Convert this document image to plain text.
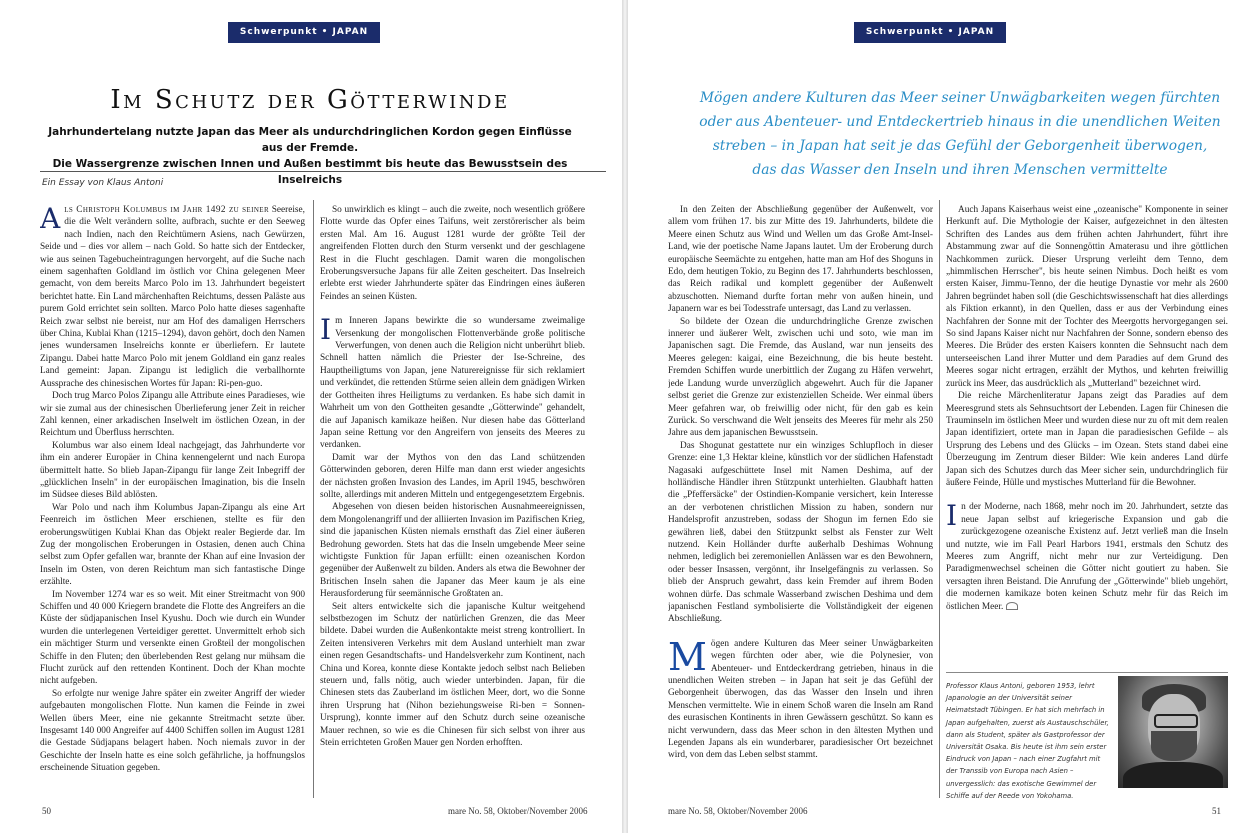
Schwerpunkt • JAPAN	Schwerpunkt • JAPAN
Im Schutz der Götterwinde
Jahrhundertelang nutzte Japan das Meer als undurchdringlichen Kordon gegen Einflüsse aus der Fremde.
Die Wassergrenze zwischen Innen und Außen bestimmt bis heute das Bewusstsein des Inselreichs
Ein Essay von Klaus Antoni
Mögen andere Kulturen das Meer seiner Unwägbarkeiten wegen fürchten
oder aus Abenteuer- und Entdeckertrieb hinaus in die unendlichen Weiten
streben – in Japan hat seit je das Gefühl der Geborgenheit überwogen,
das das Wasser den Inseln und ihren Menschen vermittelte

Als Christoph Kolumbus im Jahr 1492 zu seiner Seereise, die die Welt verändern sollte, aufbrach, suchte er den Seeweg nach Indien, nach den Reichtümern Asiens, nach Gewürzen, Seide und – dies vor allem – nach Gold. So hatte sich der Entdecker, wie aus seinen Tagebucheintragungen hervorgeht, auf die Suche nach einem sagenhaften Goldland im östlich vor China gelegenen Meer gemacht, von dem bereits Marco Polo im 13. Jahrhundert begeistert berichtet hatte. Ein Land märchenhaften Reichtums, dessen Paläste aus purem Gold errichtet sein sollten. Marco Polo hatte dieses sagenhafte Reich zwar selbst nie bereist, nur am Hof des damaligen Herrschers über China, Kublai Khan (1215–1294), davon gehört, doch den Namen jenes wundersamen Inselreichs konnte er überliefern. Er lautete Zipangu. Dabei hatte Marco Polo mit jenem Goldland ein ganz reales Land gemeint: Japan. Zipangu ist lediglich die verballhornte Aussprache des chinesischen Wortes für Japan: Ri-pen-guo.

Doch trug Marco Polos Zipangu alle Attribute eines Paradieses, wie wir sie zumal aus der chinesischen Überlieferung jener Zeit in reicher Zahl kennen, einer arkadischen Inselwelt im östlichen Ozean, in der Reichtum und Überfluss herrschten.

Kolumbus war also einem Ideal nachgejagt, das Jahrhunderte vor ihm ein anderer Europäer in China kennengelernt und nach Europa übermittelt hatte. So blieb Japan-Zipangu für lange Zeit Inbegriff der „glücklichen Inseln" in der europäischen Imagination, bis die Inseln im Südsee dieses Bild ablösten.

War Polo und nach ihm Kolumbus Japan-Zipangu als eine Art Feenreich im östlichen Meer erschienen, stellte es für den eroberungswütigen Kublai Khan das Objekt realer Begierde dar. Im Zug der mongolischen Eroberungen in Ostasien, denen auch China selbst zum Opfer gefallen war, brannte der Khan auf eine Invasion der Inseln im Osten, von deren Reichtum man sich fantastische Dinge erzählte.

Im November 1274 war es so weit. Mit einer Streitmacht von 900 Schiffen und 40 000 Kriegern brandete die Flotte des Angreifers an die Küste der südjapanischen Insel Kyushu. Doch wie durch ein Wunder wurden die unterlegenen Verteidiger gerettet. Unvermittelt erhob sich ein mächtiger Sturm und versenkte einen Großteil der mongolischen Schiffe in den Fluten; den überlebenden Rest gelang nur mühsam die Flucht zurück auf den rettenden Kontinent. Doch der Khan mochte nicht aufgeben.

So erfolgte nur wenige Jahre später ein zweiter Angriff der wieder aufgebauten mongolischen Flotte. Nun kamen die Feinde in zwei Wellen übers Meer, eine nie gekannte Streitmacht setzte über. Insgesamt 140 000 Angreifer auf 4400 Schiffen sollen im August 1281 die Gestade Südjapans belagert haben. Noch niemals zuvor in der Geschichte der Inseln hatte es eine solch gefährliche, ja hoffnungslos erscheinende Situation gegeben.

So unwirklich es klingt – auch die zweite, noch wesentlich größere Flotte wurde das Opfer eines Taifuns, weit zerstörerischer als beim ersten Mal. Am 16. August 1281 wurde der größte Teil der angreifenden Flotten durch den Sturm versenkt und der geschlagene Rest in die Flucht geschlagen. Damit waren die mongolischen Eroberungsversuche Japans für alle Zeiten gescheitert. Das Inselreich erlebte erst wieder Jahrhunderte später das Eindringen eines äußeren Feindes an seinen Küsten.

Im Inneren Japans bewirkte die so wundersame zweimalige Versenkung der mongolischen Flottenverbände große politische Verwerfungen, von denen auch die Religion nicht unberührt blieb. Schnell hatten nämlich die Priester der Ise-Schreine, des Hauptheiligtums von Japan, jene Naturereignisse für sich reklamiert und verkündet, die rettenden Stürme seien allein dem gnädigen Wirken der Gottheiten ihres Heiligtums zu verdanken. Es habe sich damit in Wahrheit um von den Gottheiten gesandte „Götterwinde" gehandelt, die auf Japanisch kamikaze heißen. Nur diesen habe das Götterland Japan seine Rettung vor den Angreifern von jenseits des Meeres zu verdanken.

Damit war der Mythos von den das Land schützenden Götterwinden geboren, deren Hilfe man dann erst wieder angesichts der nächsten großen Invasion des Landes, im April 1945, beschwören sollte, allerdings mit anderen Mitteln und entgegengesetztem Ergebnis.

Abgesehen von diesen beiden historischen Ausnahmeereignissen, dem Mongolenangriff und der alliierten Invasion im Pazifischen Krieg, sind die japanischen Küsten niemals ernsthaft das Ziel einer äußeren Bedrohung geworden. Stets hat das die Inseln umgebende Meer seine wichtigste Funktion für Japan erfüllt: einen ozeanischen Kordon gegenüber der Außenwelt zu bilden. Anders als etwa die Bewohner der Britischen Inseln sahen die Japaner das Meer kaum je als eine Herausforderung für seemännische Großtaten an.

Seit alters entwickelte sich die japanische Kultur weitgehend selbstbezogen im Schutz der natürlichen Grenzen, die das Meer bildete. Dabei wurden die Außenkontakte meist streng kontrolliert. In Zeiten intensiveren Verkehrs mit dem Ausland unterhielt man zwar einen regen Gesandtschafts- und Handelsverkehr zum Kontinent, nach China und Korea, konnte diese Kontakte jedoch selbst nach Belieben steuern und, falls nötig, auch wieder unterbinden. Japan, für die Chinesen stets das Zauberland im östlichen Meer, dort, wo die Sonne ihren Ursprung hat (Nihon beziehungsweise Ri-ben = Sonnen-Ursprung), konnte immer auf den Schutz durch seine ozeanische Mauer rechnen, so wie es die Chinesen für sich selbst von ihrer aus Stein errichteten Großen Mauer gen Norden erhofften.

In den Zeiten der Abschließung gegenüber der Außenwelt, vor allem vom frühen 17. bis zur Mitte des 19. Jahrhunderts, bildete die Meere einen Schutz aus Wind und Wellen um das Große Amt-Insel-Land, wie der poetische Name Japans lautet. Um der Eroberung durch europäische Seemächte zu entgehen, hatte man am Hof des Shoguns in Edo, dem heutigen Tokio, zu Beginn des 17. Jahrhunderts beschlossen, das Reich radikal und komplett gegenüber der Außenwelt abzuschotten. Niemand durfte fortan mehr von außen hinein, und Japanern war es bei Todesstrafe untersagt, das Land zu verlassen.

So bildete der Ozean die undurchdringliche Grenze zwischen innerer und äußerer Welt, zwischen uchi und soto, wie man im Japanischen sagt. Die Fremde, das Ausland, war nun jenseits des Meeres gelegen: kaigai, eine Bezeichnung, die bis heute besteht. Fremden Schiffen wurde unerbittlich der Zugang zu Häfen verwehrt, jede Landung wurde unverzüglich abgewehrt. Auch für die Japaner selbst geriet die Grenze zur existenziellen Scheide. Wer einmal übers Meer gefahren war, ob freiwillig oder nicht, für den gab es kein Zurück. So verschwand die Welt jenseits des Meeres für mehr als 250 Jahre aus dem japanischen Bewusstsein.

Das Shogunat gestattete nur ein winziges Schlupfloch in dieser Grenze: eine 1,3 Hektar kleine, künstlich vor der südlichen Hafenstadt Nagasaki aufgeschüttete Insel mit Namen Deshima, auf der holländische Händler ihren Stützpunkt unterhielten. Glaubhaft hatten die „Pfeffersäcke" der Ostindien-Kompanie versichert, kein Interesse an der verbotenen christlichen Mission zu haben, sondern nur Handelsprofit anzustreben, sodass der Shogun im fernen Edo sie gewähren ließ, dabei den Stützpunkt selbst als Fenster zur Welt nutzend. Kein Holländer durfte außerhalb Deshimas Wohnung nehmen, lediglich bei zeremoniellen Anlässen war es den Bewohnern, oder besser Insassen, vergönnt, ihr Inselgefängnis zu verlassen. So blieb der Anspruch gewahrt, dass kein Fremder auf ihrem Boden wohnen dürfe. Das schmale Wasserband zwischen Deshima und dem japanischen Festland symbolisierte die Vollständigkeit der eigenen Abschließung.

Mögen andere Kulturen das Meer seiner Unwägbarkeiten wegen fürchten oder aber, wie die Polynesier, von Abenteuer- und Entdeckerdrang getrieben, hinaus in die unendlichen Weiten streben – in Japan hat seit je das Gefühl der Geborgenheit überwogen, das das Wasser den Inseln und ihren Menschen vermittelte. Wie in einem Schoß waren die Inseln am Rand des eurasischen Kontinents in ihren Gewässern geschützt. So kann es nicht verwundern, dass das Meer schon in den ältesten Mythen und Legenden Japans als ein wunderbarer, paradiesischer Ort bezeichnet wird, von dem das Leben selbst stammt.

Auch Japans Kaiserhaus weist eine „ozeanische" Komponente in seiner Herkunft auf. Die Mythologie der Kaiser, aufgezeichnet in den ältesten Schriften des Landes aus dem frühen achten Jahrhundert, führt ihre Abstammung zwar auf die Sonnengöttin Amaterasu und ihre göttlichen Nachkommen zurück. Dieser Ursprung verleiht dem Tenno, dem „himmlischen Herrscher", bis heute seinen Nimbus. Doch heißt es vom ersten Kaiser, Jimmu-Tenno, der die heutige Dynastie vor mehr als 2600 Jahren begründet haben soll (die Geschichtswissenschaft hat dies allerdings als Fiktion erkannt), in den Quellen, dass er aus der Verbindung eines Nachfahren der Sonne mit der Tochter des Meergotts hervorgegangen sei. So sind Japans Kaiser nicht nur Nachfahren der Sonne, sondern ebenso des Meeres. Die Brüder des ersten Kaisers konnten die Sehnsucht nach dem unterseeischen Land ihrer Mutter und dem Paradies auf dem Grund des Meeres sogar nicht ertragen, erzählt der Mythos, und kehrten freiwillig zurück ins Meer, das ausdrücklich als „Mutterland" bezeichnet wird.

Die reiche Märchenliteratur Japans zeigt das Paradies auf dem Meeresgrund stets als Sehnsuchtsort der Lebenden. Lagen für Chinesen die Trauminseln im östlichen Meer und wurden diese nur zu oft mit dem realen Japan identifiziert, ortete man in Japan die paradiesischen Gefilde – als Ursprung des Lebens und des Glücks – im Ozean. Stets stand dabei eine Überzeugung im Zentrum dieser Bilder: Wie kein anderes Land dürfe Japan sich des Schutzes durch das Meer sicher sein, undurchdringlich für äußere Feinde, Hülle und mystisches Mutterland für die Bewohner.

In der Moderne, nach 1868, mehr noch im 20. Jahrhundert, setzte das neue Japan selbst auf kriegerische Expansion und gab die zurückgezogene ozeanische Existenz auf. Jetzt verließ man die Inseln und nutzte, wie im Fall Pearl Harbors 1941, erstmals den Schutz des Meeres zum Angriff, nicht mehr nur zur Verteidigung. Den Paradigmenwechsel scheinen die Götter nicht goutiert zu haben. Sie versagten ihren Beistand. Die Anrufung der „Götterwinde" blieb ungehört, die modernen kamikaze boten keinen Schutz mehr für das Reich im östlichen Meer.

Professor Klaus Antoni, geboren 1953, lehrt Japanologie an der Universität seiner Heimatstadt Tübingen. Er hat sich mehrfach in Japan aufgehalten, zuerst als Austauschschüler, dann als Student, später als Gastprofessor der Universität Osaka. Bis heute ist ihm sein erster Eindruck von Japan – nach einer Zugfahrt mit der Transsib von Europa nach Asien – unvergesslich: das exotische Gewimmel der Schiffe auf der Reede von Yokohama.
50	mare No. 58, Oktober/November 2006	mare No. 58, Oktober/November 2006	51
